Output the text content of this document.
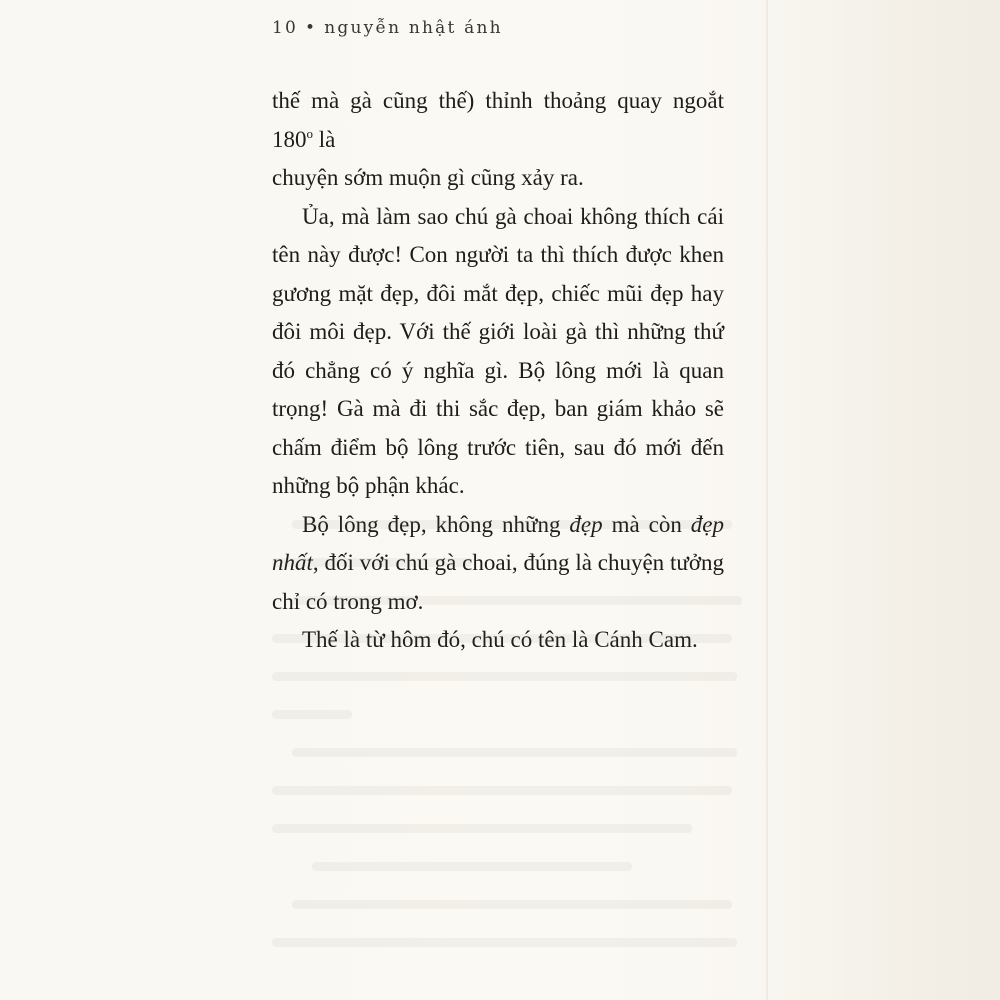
10 • nguyễn nhật ánh

thế mà gà cũng thế) thỉnh thoảng quay ngoắt 180$^o$ là
chuyện sớm muộn gì cũng xảy ra.

Ủa, mà làm sao chú gà choai không thích cái tên này được! Con người ta thì thích được khen gương mặt đẹp, đôi mắt đẹp, chiếc mũi đẹp hay đôi môi đẹp. Với thế giới loài gà thì những thứ đó chẳng có ý nghĩa gì. Bộ lông mới là quan trọng! Gà mà đi thi sắc đẹp, ban giám khảo sẽ chấm điểm bộ lông trước tiên, sau đó mới đến những bộ phận khác.

Bộ lông đẹp, không những đẹp mà còn đẹp nhất, đối với chú gà choai, đúng là chuyện tưởng chỉ có trong mơ.

Thế là từ hôm đó, chú có tên là Cánh Cam.
